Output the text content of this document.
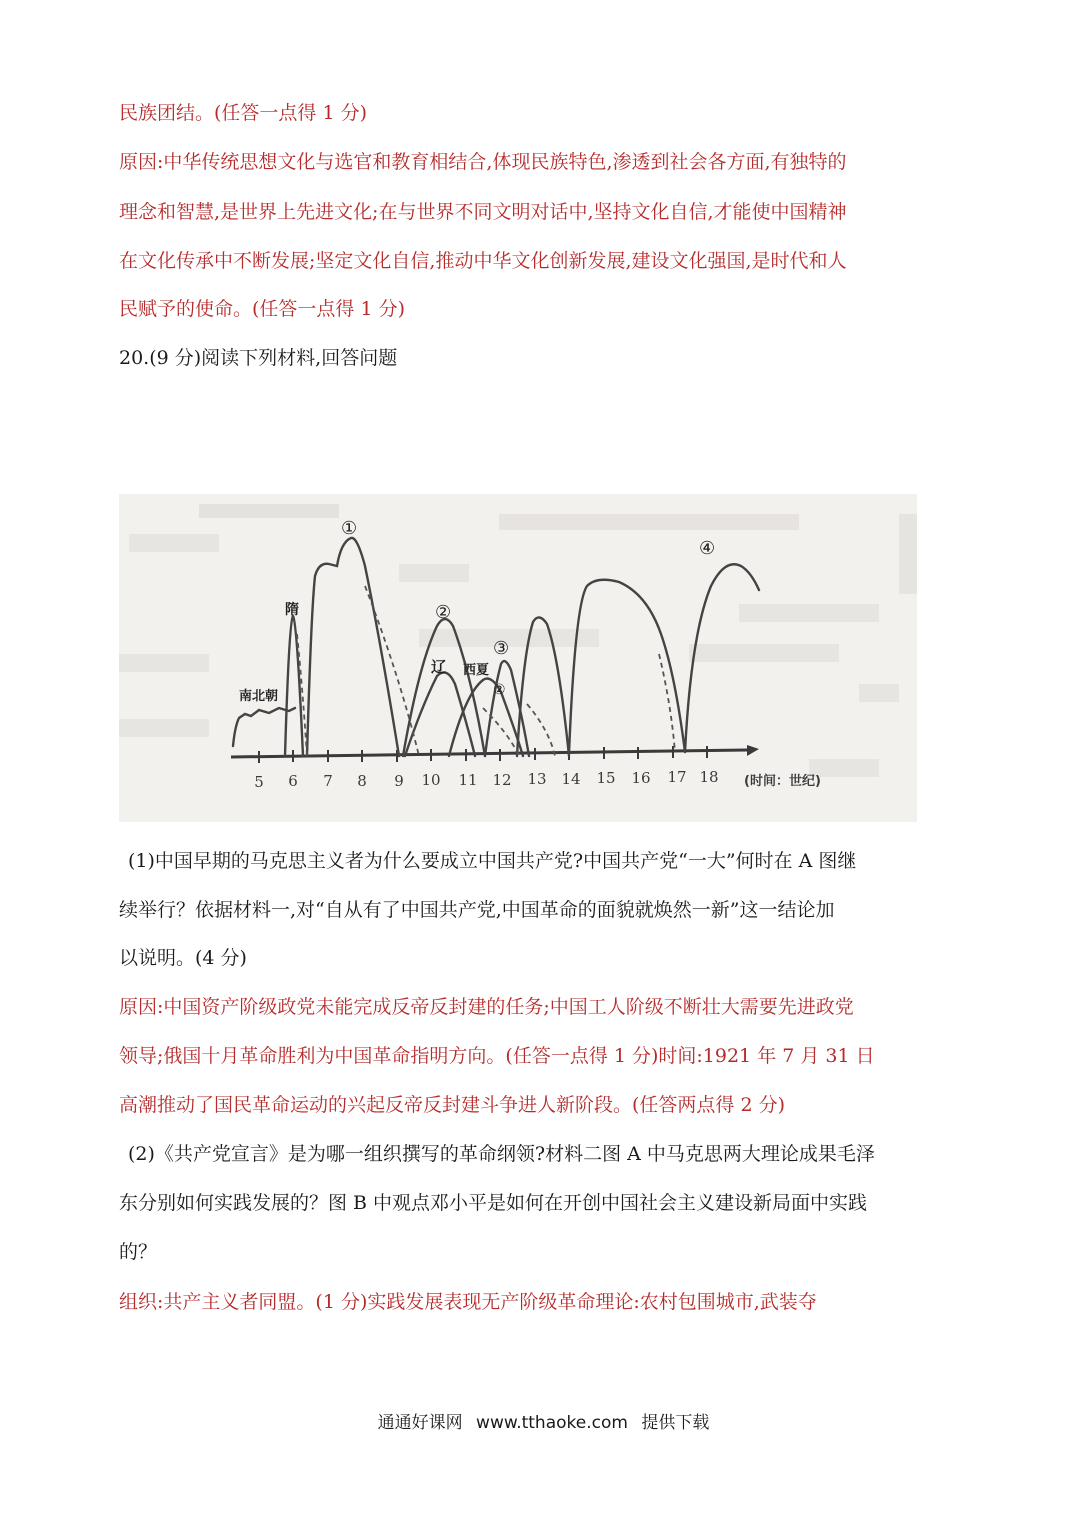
民族团结。(任答一点得 1 分)
原因:中华传统思想文化与选官和教育相结合,体现民族特色,渗透到社会各方面,有独特的
理念和智慧,是世界上先进文化;在与世界不同文明对话中,坚持文化自信,才能使中国精神
在文化传承中不断发展;坚定文化自信,推动中华文化创新发展,建设文化强国,是时代和人
民赋予的使命。(任答一点得 1 分)
20.(9 分)阅读下列材料,回答问题
5 6 7 8 9 10 11 12 13 14 15 16 17 18 (时间：世纪)
南北朝
隋
辽 西夏
①
②
③
②
④
(1)中国早期的马克思主义者为什么要成立中国共产党?中国共产党“一大”何时在 A 图继
续举行？依据材料一,对“自从有了中国共产党,中国革命的面貌就焕然一新”这一结论加
以说明。(4 分)
原因:中国资产阶级政党未能完成反帝反封建的任务;中国工人阶级不断壮大需要先进政党
领导;俄国十月革命胜利为中国革命指明方向。(任答一点得 1 分)时间:1921 年 7 月 31 日
高潮推动了国民革命运动的兴起反帝反封建斗争进人新阶段。(任答两点得 2 分)
(2)《共产党宣言》是为哪一组织撰写的革命纲领?材料二图 A 中马克思两大理论成果毛泽
东分别如何实践发展的？图 B 中观点邓小平是如何在开创中国社会主义建设新局面中实践
的？
组织:共产主义者同盟。(1 分)实践发展表现无产阶级革命理论:农村包围城市,武装夺
通通好课网 www.tthaoke.com 提供下载
